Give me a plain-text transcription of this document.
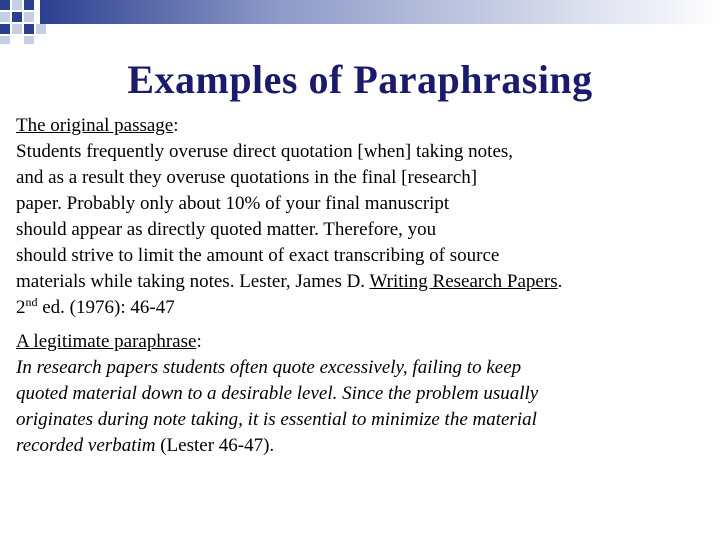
Examples of Paraphrasing

The original passage:

Students frequently overuse direct quotation [when] taking notes,

and as a result they overuse quotations in the final [research]

paper. Probably only about 10% of your final manuscript

should appear as directly quoted matter. Therefore, you

should strive to limit the amount of exact transcribing of source

materials while taking notes. Lester, James D. Writing Research Papers.

2nd ed. (1976): 46-47

A legitimate paraphrase:

In research papers students often quote excessively, failing to keep

quoted material down to a desirable level. Since the problem usually

originates during note taking, it is essential to minimize the material

recorded verbatim (Lester 46-47).
